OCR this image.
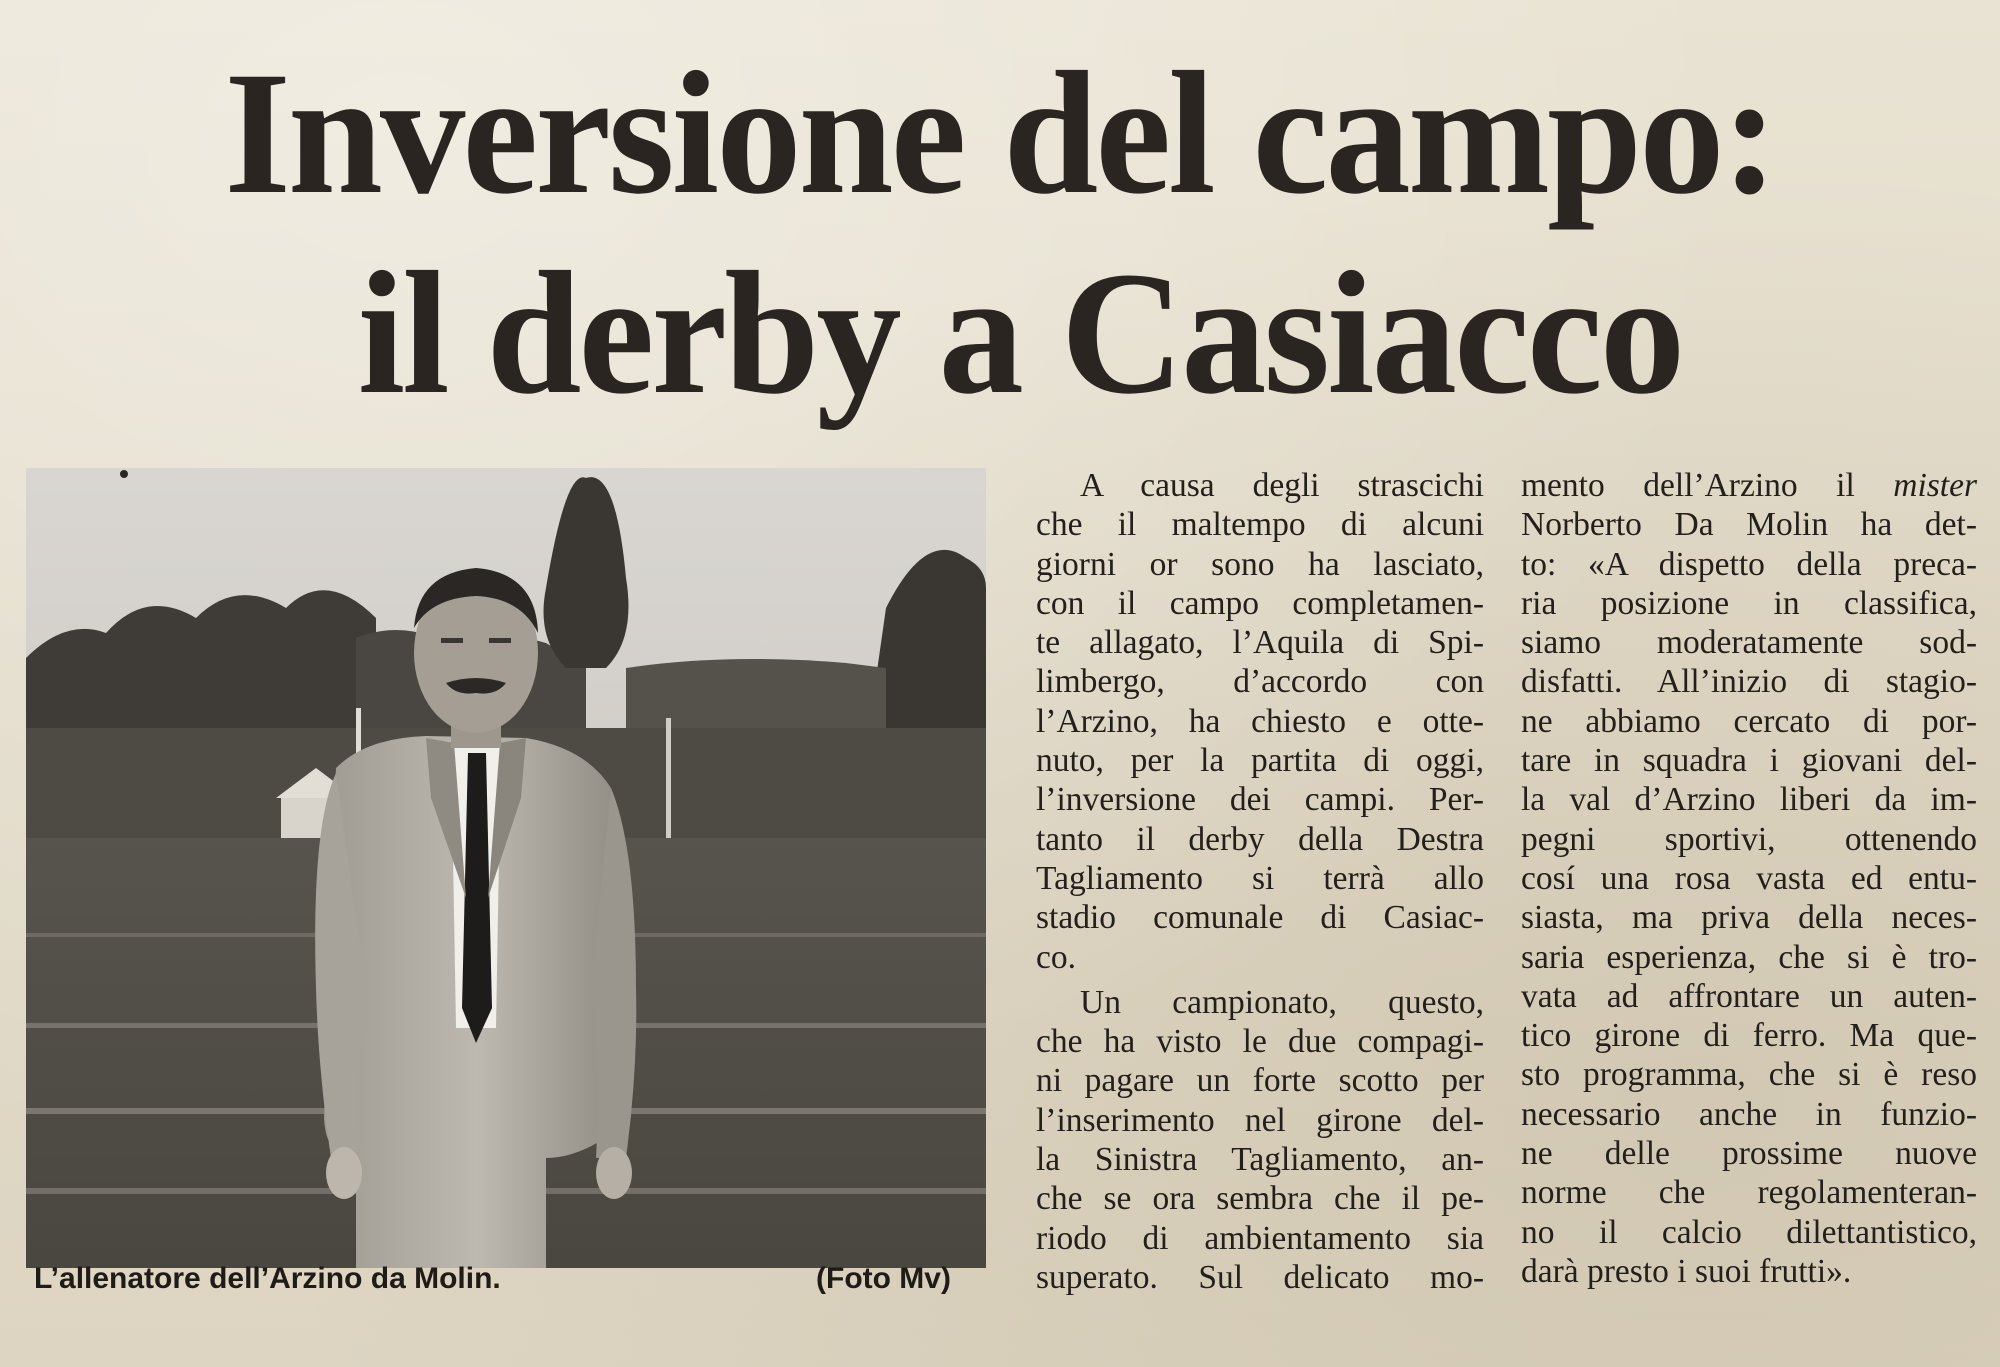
Inversione del campo:
il derby a Casiacco
L’allenatore dell’Arzino da Molin.	(Foto Mv)
A causa degli strascichi
che il maltempo di alcuni
giorni or sono ha lasciato,
con il campo completamen-
te allagato, l’Aquila di Spi-
limbergo, d’accordo con
l’Arzino, ha chiesto e otte-
nuto, per la partita di oggi,
l’inversione dei campi. Per-
tanto il derby della Destra
Tagliamento si terrà allo
stadio comunale di Casiac-
co.
Un campionato, questo,
che ha visto le due compagi-
ni pagare un forte scotto per
l’inserimento nel girone del-
la Sinistra Tagliamento, an-
che se ora sembra che il pe-
riodo di ambientamento sia
superato. Sul delicato mo-
mento dell’Arzino il mister
Norberto Da Molin ha det-
to: «A dispetto della preca-
ria posizione in classifica,
siamo moderatamente sod-
disfatti. All’inizio di stagio-
ne abbiamo cercato di por-
tare in squadra i giovani del-
la val d’Arzino liberi da im-
pegni sportivi, ottenendo
cosí una rosa vasta ed entu-
siasta, ma priva della neces-
saria esperienza, che si è tro-
vata ad affrontare un auten-
tico girone di ferro. Ma que-
sto programma, che si è reso
necessario anche in funzio-
ne delle prossime nuove
norme che regolamenteran-
no il calcio dilettantistico,
darà presto i suoi frutti».
